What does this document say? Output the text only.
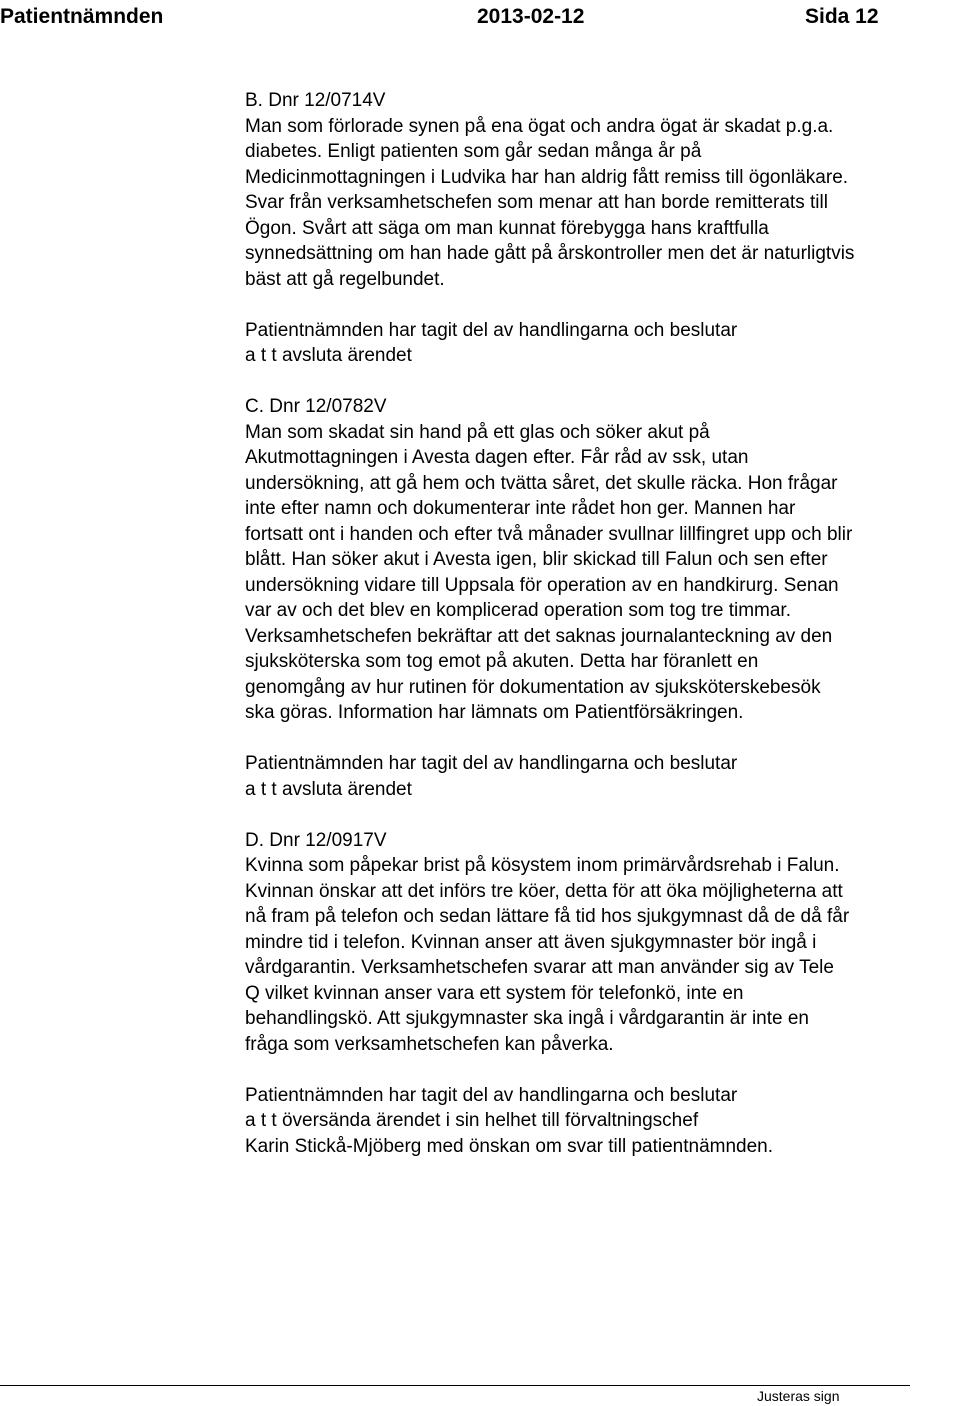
Patientnämnden	2013-02-12	Sida 12
B. Dnr 12/0714V
Man som förlorade synen på ena ögat och andra ögat är skadat p.g.a.
diabetes. Enligt patienten som går sedan många år på
Medicinmottagningen i Ludvika har han aldrig fått remiss till ögonläkare.
Svar från verksamhetschefen som menar att han borde remitterats till
Ögon. Svårt att säga om man kunnat förebygga hans kraftfulla
synnedsättning om han hade gått på årskontroller men det är naturligtvis
bäst att gå regelbundet.
Patientnämnden har tagit del av handlingarna och beslutar
a t t avsluta ärendet
C. Dnr 12/0782V
Man som skadat sin hand på ett glas och söker akut på
Akutmottagningen i Avesta dagen efter. Får råd av ssk, utan
undersökning, att gå hem och tvätta såret, det skulle räcka. Hon frågar
inte efter namn och dokumenterar inte rådet hon ger. Mannen har
fortsatt ont i handen och efter två månader svullnar lillfingret upp och blir
blått. Han söker akut i Avesta igen, blir skickad till Falun och sen efter
undersökning vidare till Uppsala för operation av en handkirurg. Senan
var av och det blev en komplicerad operation som tog tre timmar.
Verksamhetschefen bekräftar att det saknas journalanteckning av den
sjuksköterska som tog emot på akuten. Detta har föranlett en
genomgång av hur rutinen för dokumentation av sjuksköterskebesök
ska göras. Information har lämnats om Patientförsäkringen.
Patientnämnden har tagit del av handlingarna och beslutar
a t t avsluta ärendet
D. Dnr 12/0917V
Kvinna som påpekar brist på kösystem inom primärvårdsrehab i Falun.
Kvinnan önskar att det införs tre köer, detta för att öka möjligheterna att
nå fram på telefon och sedan lättare få tid hos sjukgymnast då de då får
mindre tid i telefon. Kvinnan anser att även sjukgymnaster bör ingå i
vårdgarantin. Verksamhetschefen svarar att man använder sig av Tele
Q vilket kvinnan anser vara ett system för telefonkö, inte en
behandlingskö. Att sjukgymnaster ska ingå i vårdgarantin är inte en
fråga som verksamhetschefen kan påverka.
Patientnämnden har tagit del av handlingarna och beslutar
a t t översända ärendet i sin helhet till förvaltningschef
Karin Stickå-Mjöberg med önskan om svar till patientnämnden.
Justeras sign
